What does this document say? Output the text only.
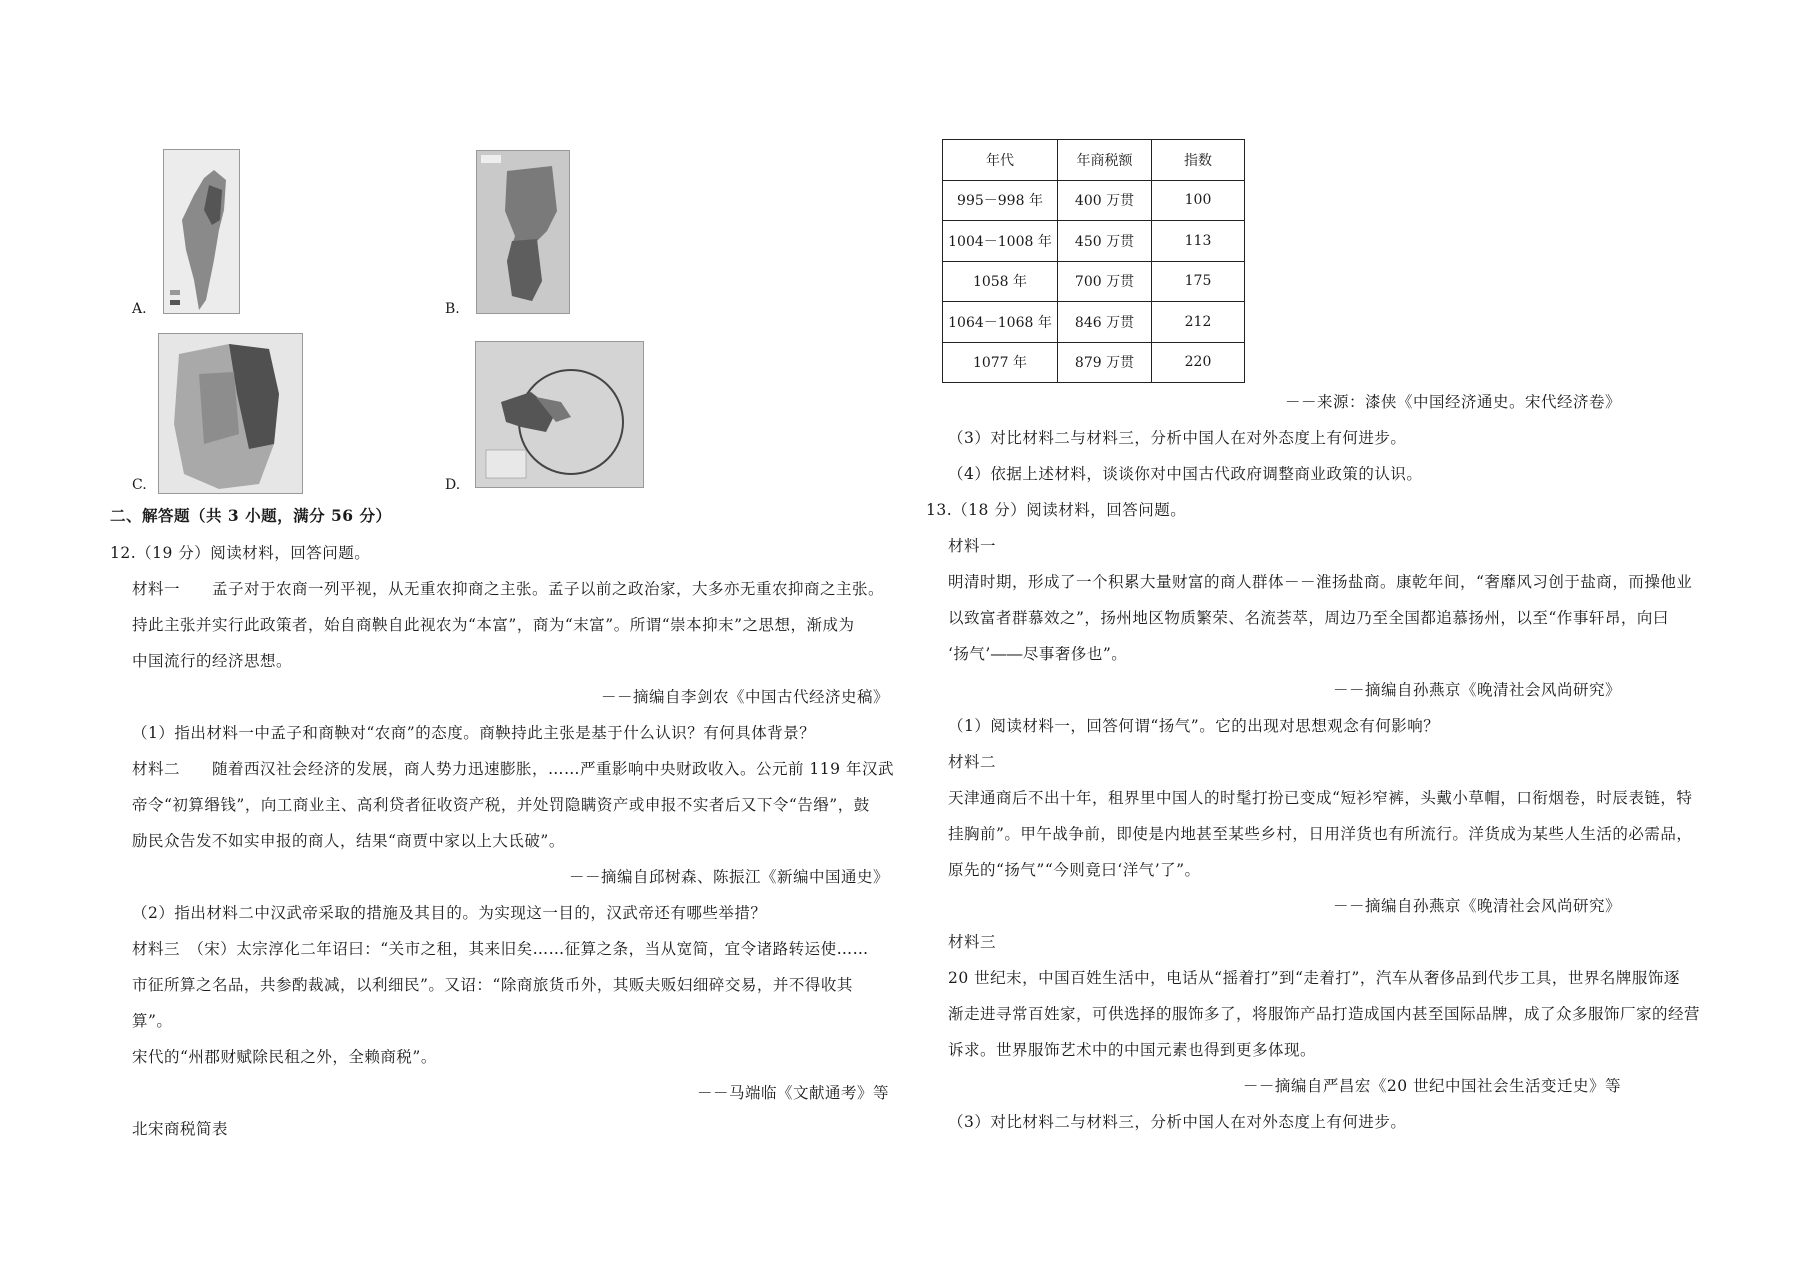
A.	B.
C.	D.
二、解答题（共 3 小题，满分 56 分）
12.（19 分）阅读材料，回答问题。
材料一　　孟子对于农商一列平视，从无重农抑商之主张。孟子以前之政治家，大多亦无重农抑商之主张。
持此主张并实行此政策者，始自商鞅自此视农为“本富”，商为“末富”。所谓“崇本抑末”之思想，渐成为
中国流行的经济思想。
－－摘编自李剑农《中国古代经济史稿》
（1）指出材料一中孟子和商鞅对“农商”的态度。商鞅持此主张是基于什么认识？有何具体背景？
材料二　　随着西汉社会经济的发展，商人势力迅速膨胀，……严重影响中央财政收入。公元前 119 年汉武
帝令“初算缗钱”，向工商业主、高利贷者征收资产税，并处罚隐瞒资产或申报不实者后又下令“告缗”，鼓
励民众告发不如实申报的商人，结果“商贾中家以上大氐破”。
－－摘编自邱树森、陈振江《新编中国通史》
（2）指出材料二中汉武帝采取的措施及其目的。为实现这一目的，汉武帝还有哪些举措？
材料三　（宋）太宗淳化二年诏曰：“关市之租，其来旧矣……征算之条，当从宽简，宜令诸路转运使……
市征所算之名品，共参酌裁减，以利细民”。又诏：“除商旅货币外，其贩夫贩妇细碎交易，并不得收其
算”。
宋代的“州郡财赋除民租之外，全赖商税”。
－－马端临《文献通考》等
北宋商税简表
年代	年商税额	指数
995－998 年	400 万贯	100
1004－1008 年	450 万贯	113
1058 年	700 万贯	175
1064－1068 年	846 万贯	212
1077 年	879 万贯	220
－－来源：漆侠《中国经济通史。宋代经济卷》
（3）对比材料二与材料三，分析中国人在对外态度上有何进步。
（4）依据上述材料，谈谈你对中国古代政府调整商业政策的认识。
13.（18 分）阅读材料，回答问题。
材料一
明清时期，形成了一个积累大量财富的商人群体－－淮扬盐商。康乾年间，“奢靡风习创于盐商，而操他业
以致富者群慕效之”，扬州地区物质繁荣、名流荟萃，周边乃至全国都追慕扬州，以至“作事轩昂，向曰
‘扬气’――尽事奢侈也”。
－－摘编自孙燕京《晚清社会风尚研究》
（1）阅读材料一，回答何谓“扬气”。它的出现对思想观念有何影响？
材料二
天津通商后不出十年，租界里中国人的时髦打扮已变成“短衫窄裤，头戴小草帽，口衔烟卷，时辰表链，特
挂胸前”。甲午战争前，即使是内地甚至某些乡村，日用洋货也有所流行。洋货成为某些人生活的必需品，
原先的“扬气”“今则竟曰‘洋气’了”。
－－摘编自孙燕京《晚清社会风尚研究》
材料三
20 世纪末，中国百姓生活中，电话从“摇着打”到“走着打”，汽车从奢侈品到代步工具，世界名牌服饰逐
渐走进寻常百姓家，可供选择的服饰多了，将服饰产品打造成国内甚至国际品牌，成了众多服饰厂家的经营
诉求。世界服饰艺术中的中国元素也得到更多体现。
－－摘编自严昌宏《20 世纪中国社会生活变迁史》等
（3）对比材料二与材料三，分析中国人在对外态度上有何进步。
